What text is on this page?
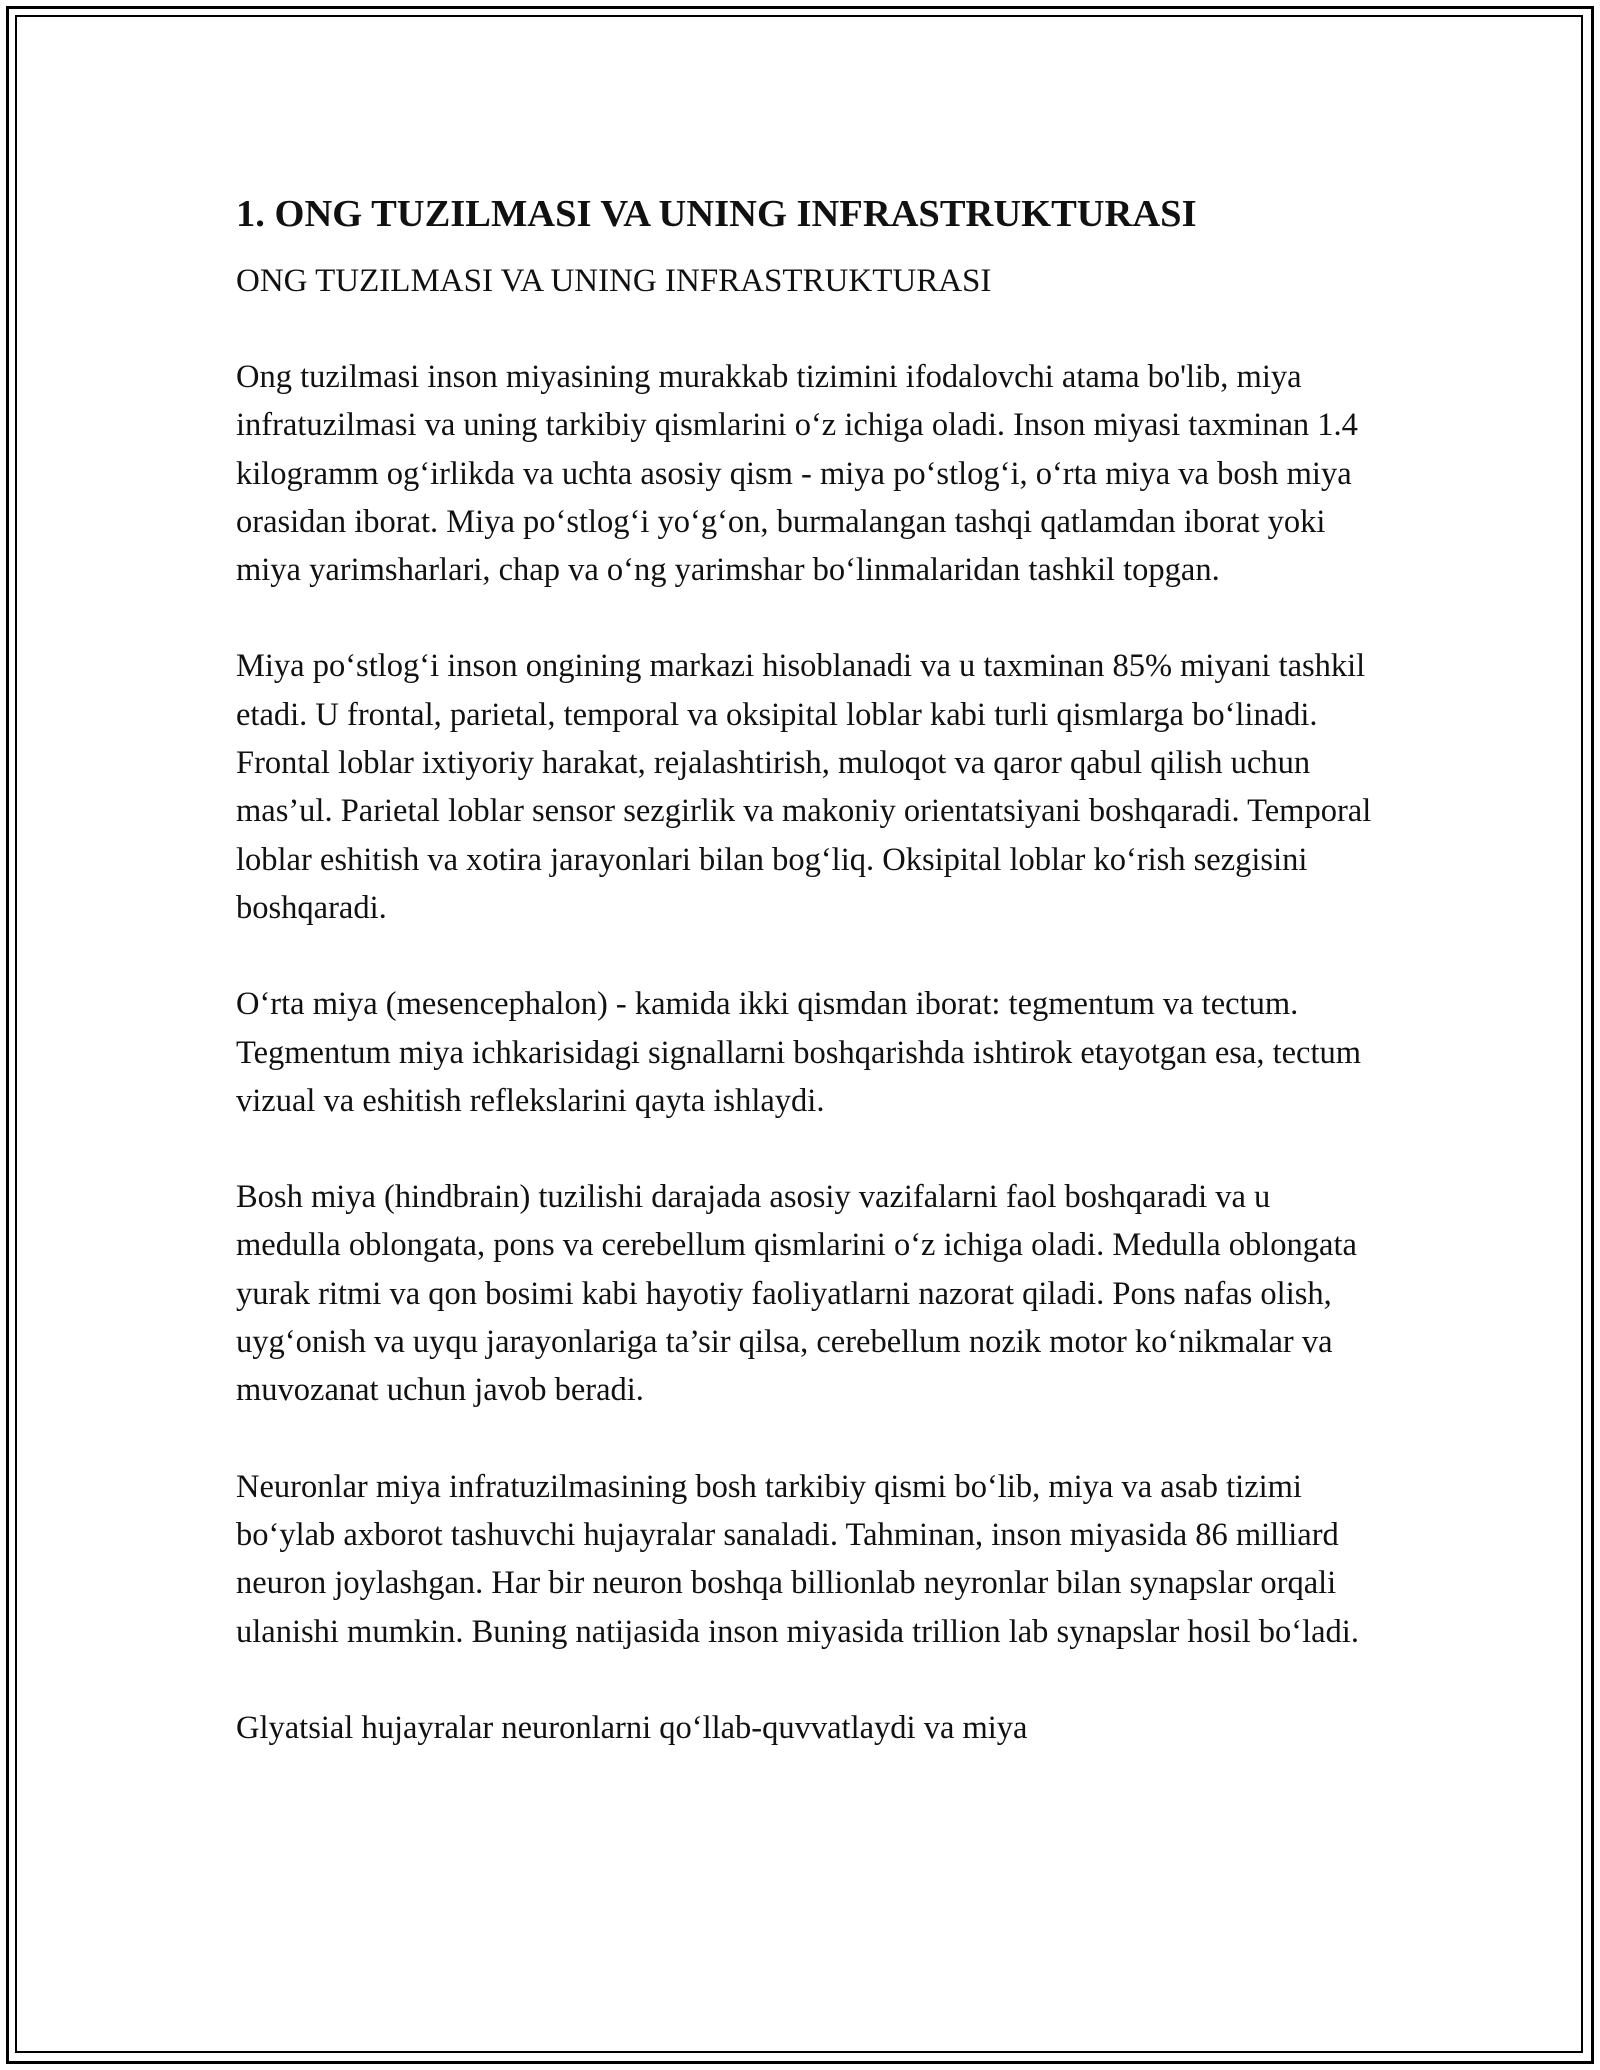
1. ONG TUZILMASI VA UNING INFRASTRUKTURASI
ONG TUZILMASI VA UNING INFRASTRUKTURASI

Ong tuzilmasi inson miyasining murakkab tizimini ifodalovchi atama bo'lib, miya infratuzilmasi va uning tarkibiy qismlarini o‘z ichiga oladi. Inson miyasi taxminan 1.4 kilogramm og‘irlikda va uchta asosiy qism - miya po‘stlog‘i, o‘rta miya va bosh miya orasidan iborat. Miya po‘stlog‘i yo‘g‘on, burmalangan tashqi qatlamdan iborat yoki miya yarimsharlari, chap va o‘ng yarimshar bo‘linmalaridan tashkil topgan.

Miya po‘stlog‘i inson ongining markazi hisoblanadi va u taxminan 85% miyani tashkil etadi. U frontal, parietal, temporal va oksipital loblar kabi turli qismlarga bo‘linadi. Frontal loblar ixtiyoriy harakat, rejalashtirish, muloqot va qaror qabul qilish uchun mas’ul. Parietal loblar sensor sezgirlik va makoniy orientatsiyani boshqaradi. Temporal loblar eshitish va xotira jarayonlari bilan bog‘liq. Oksipital loblar ko‘rish sezgisini boshqaradi.

O‘rta miya (mesencephalon) - kamida ikki qismdan iborat: tegmentum va tectum. Tegmentum miya ichkarisidagi signallarni boshqarishda ishtirok etayotgan esa, tectum vizual va eshitish reflekslarini qayta ishlaydi.

Bosh miya (hindbrain) tuzilishi darajada asosiy vazifalarni faol boshqaradi va u medulla oblongata, pons va cerebellum qismlarini o‘z ichiga oladi. Medulla oblongata yurak ritmi va qon bosimi kabi hayotiy faoliyatlarni nazorat qiladi. Pons nafas olish, uyg‘onish va uyqu jarayonlariga ta’sir qilsa, cerebellum nozik motor ko‘nikmalar va muvozanat uchun javob beradi.

Neuronlar miya infratuzilmasining bosh tarkibiy qismi bo‘lib, miya va asab tizimi bo‘ylab axborot tashuvchi hujayralar sanaladi. Tahminan, inson miyasida 86 milliard neuron joylashgan. Har bir neuron boshqa billionlab neyronlar bilan synapslar orqali ulanishi mumkin. Buning natijasida inson miyasida trillion lab synapslar hosil bo‘ladi.

Glyatsial hujayralar neuronlarni qo‘llab-quvvatlaydi va miya
